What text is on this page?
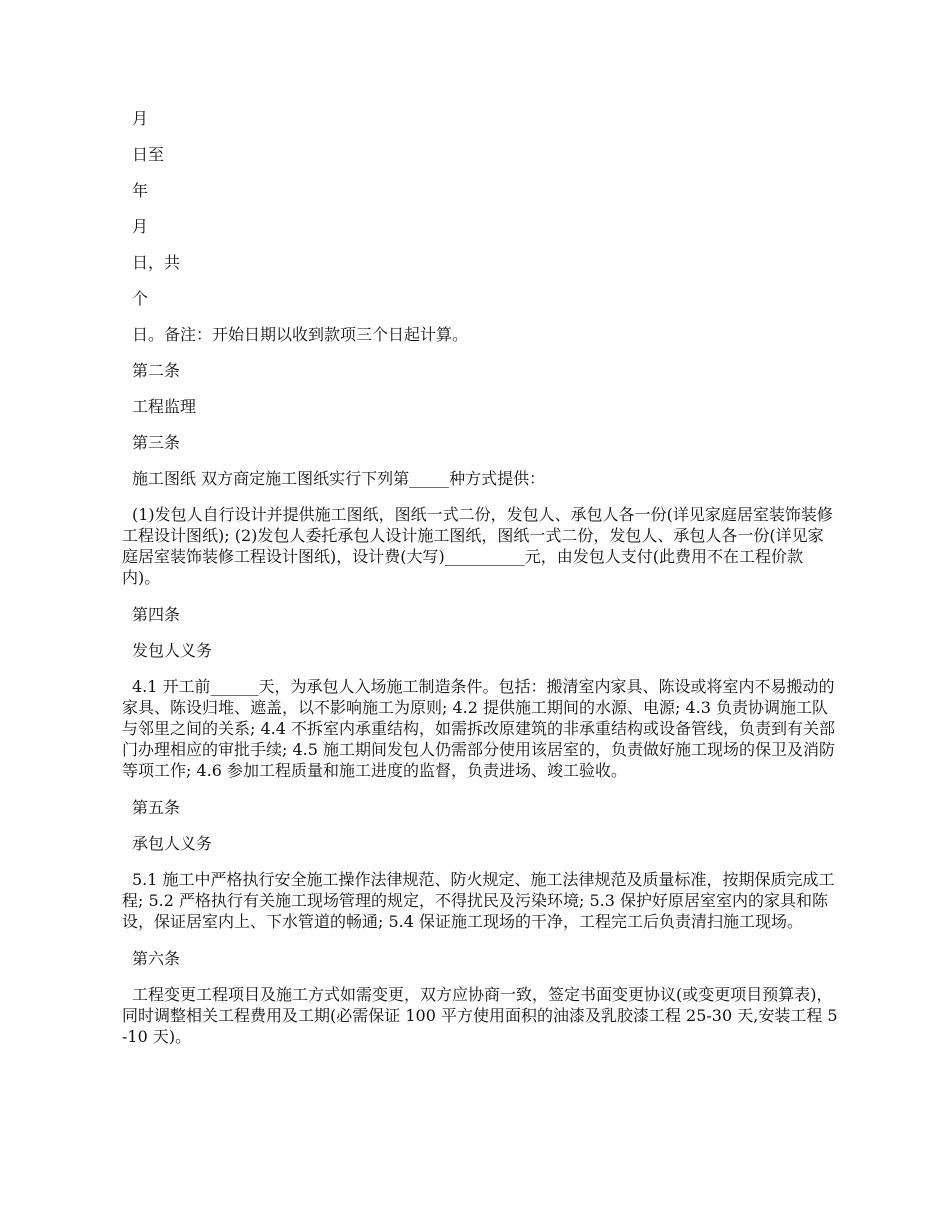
月

日至

年

月

日，共

个

日。备注：开始日期以收到款项三个日起计算。

第二条

工程监理

第三条

施工图纸 双方商定施工图纸实行下列第_____种方式提供：

(1)发包人自行设计并提供施工图纸，图纸一式二份，发包人、承包人各一份(详见家庭居室装饰装修工程设计图纸); (2)发包人委托承包人设计施工图纸，图纸一式二份，发包人、承包人各一份(详见家庭居室装饰装修工程设计图纸)，设计费(大写)__________元，由发包人支付(此费用不在工程价款内)。

第四条

发包人义务

4.1 开工前______天，为承包人入场施工制造条件。包括：搬清室内家具、陈设或将室内不易搬动的家具、陈设归堆、遮盖，以不影响施工为原则; 4.2 提供施工期间的水源、电源; 4.3 负责协调施工队与邻里之间的关系; 4.4 不拆室内承重结构，如需拆改原建筑的非承重结构或设备管线，负责到有关部门办理相应的审批手续; 4.5 施工期间发包人仍需部分使用该居室的，负责做好施工现场的保卫及消防等项工作; 4.6 参加工程质量和施工进度的监督，负责进场、竣工验收。

第五条

承包人义务

5.1 施工中严格执行安全施工操作法律规范、防火规定、施工法律规范及质量标准，按期保质完成工程; 5.2 严格执行有关施工现场管理的规定，不得扰民及污染环境; 5.3 保护好原居室室内的家具和陈设，保证居室内上、下水管道的畅通; 5.4 保证施工现场的干净，工程完工后负责清扫施工现场。

第六条

工程变更工程项目及施工方式如需变更，双方应协商一致，签定书面变更协议(或变更项目预算表)，同时调整相关工程费用及工期(必需保证 100 平方使用面积的油漆及乳胶漆工程 25-30 天,安装工程 5-10 天)。
